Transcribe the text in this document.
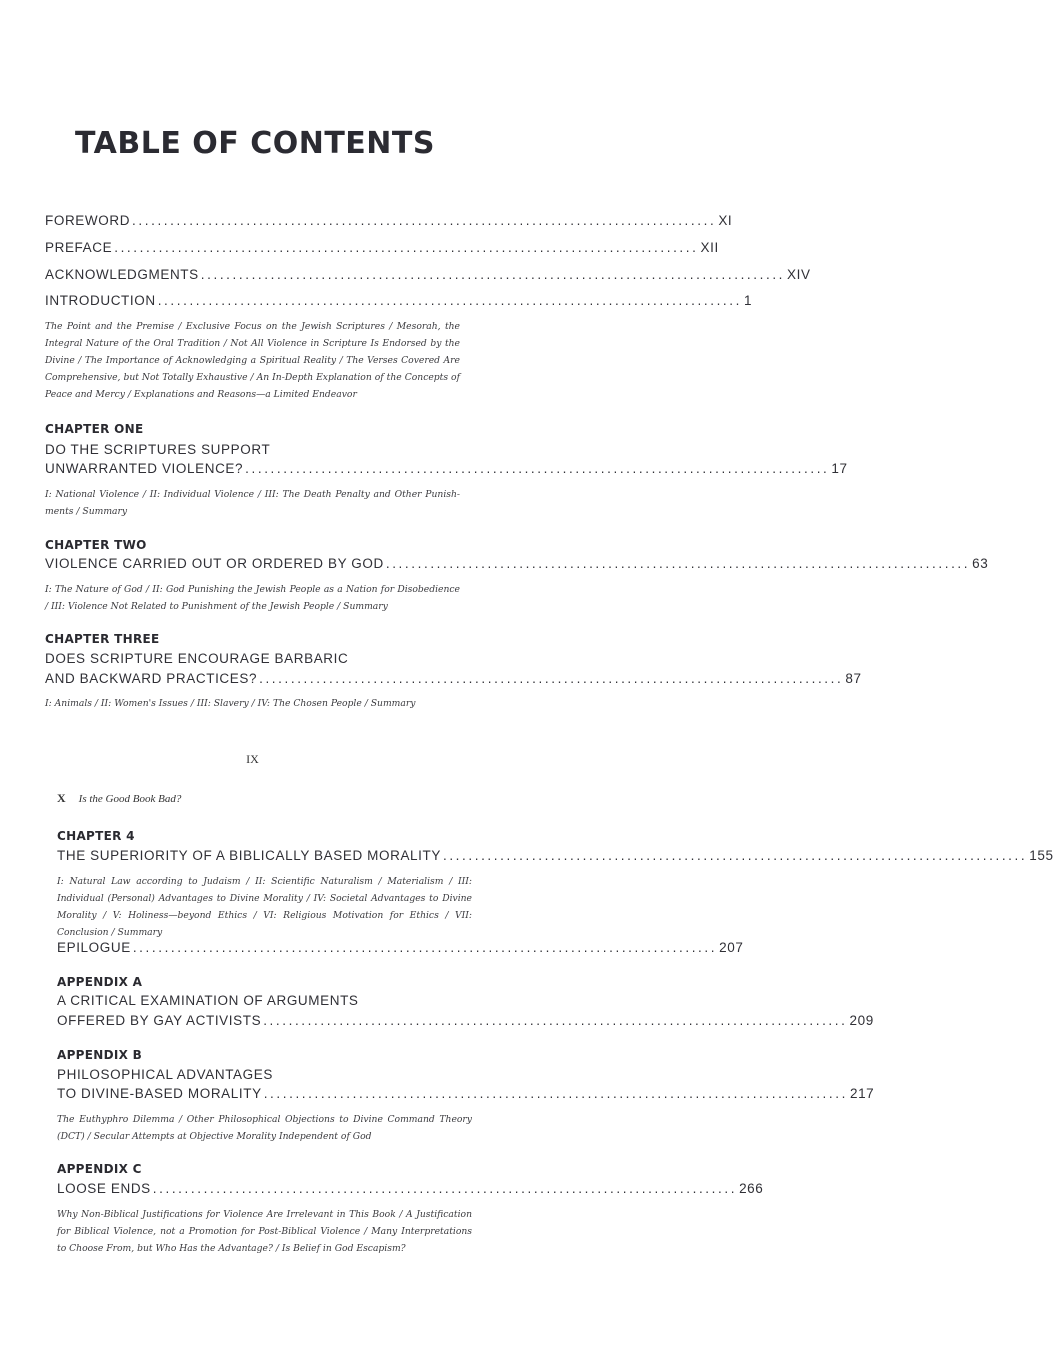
TABLE OF CONTENTS
FOREWORD ............................................................................................ XI
PREFACE ............................................................................................ XII
ACKNOWLEDGMENTS ............................................................................................ XIV
INTRODUCTION ............................................................................................ 1
The Point and the Premise / Exclusive Focus on the Jewish Scriptures / Mesorah, the Integral Nature of the Oral Tradition / Not All Violence in Scripture Is Endorsed by the Divine / The Importance of Acknowledging a Spiritual Reality / The Verses Covered Are Comprehensive, but Not Totally Exhaustive / An In-Depth Explanation of the Concepts of Peace and Mercy / Explanations and Reasons—a Limited Endeavor
CHAPTER ONE
DO THE SCRIPTURES SUPPORT
UNWARRANTED VIOLENCE? ............................................................................................ 17
I: National Violence / II: Individual Violence / III: The Death Penalty and Other Punish-ments / Summary
CHAPTER TWO
VIOLENCE CARRIED OUT OR ORDERED BY GOD ............................................................................................ 63
I: The Nature of God / II: God Punishing the Jewish People as a Nation for Disobedience / III: Violence Not Related to Punishment of the Jewish People / Summary
CHAPTER THREE
DOES SCRIPTURE ENCOURAGE BARBARIC
AND BACKWARD PRACTICES? ............................................................................................ 87
I: Animals / II: Women's Issues / III: Slavery / IV: The Chosen People / Summary
IX
X Is the Good Book Bad?
CHAPTER 4
THE SUPERIORITY OF A BIBLICALLY BASED MORALITY ............................................................................................ 155
I: Natural Law according to Judaism / II: Scientific Naturalism / Materialism / III: Individual (Personal) Advantages to Divine Morality / IV: Societal Advantages to Divine Morality / V: Holiness—beyond Ethics / VI: Religious Motivation for Ethics / VII: Conclusion / Summary
EPILOGUE ............................................................................................ 207
APPENDIX A
A CRITICAL EXAMINATION OF ARGUMENTS
OFFERED BY GAY ACTIVISTS ............................................................................................ 209
APPENDIX B
PHILOSOPHICAL ADVANTAGES
TO DIVINE-BASED MORALITY ............................................................................................ 217
The Euthyphro Dilemma / Other Philosophical Objections to Divine Command Theory (DCT) / Secular Attempts at Objective Morality Independent of God
APPENDIX C
LOOSE ENDS ............................................................................................ 266
Why Non-Biblical Justifications for Violence Are Irrelevant in This Book / A Justification for Biblical Violence, not a Promotion for Post-Biblical Violence / Many Interpretations to Choose From, but Who Has the Advantage? / Is Belief in God Escapism?
